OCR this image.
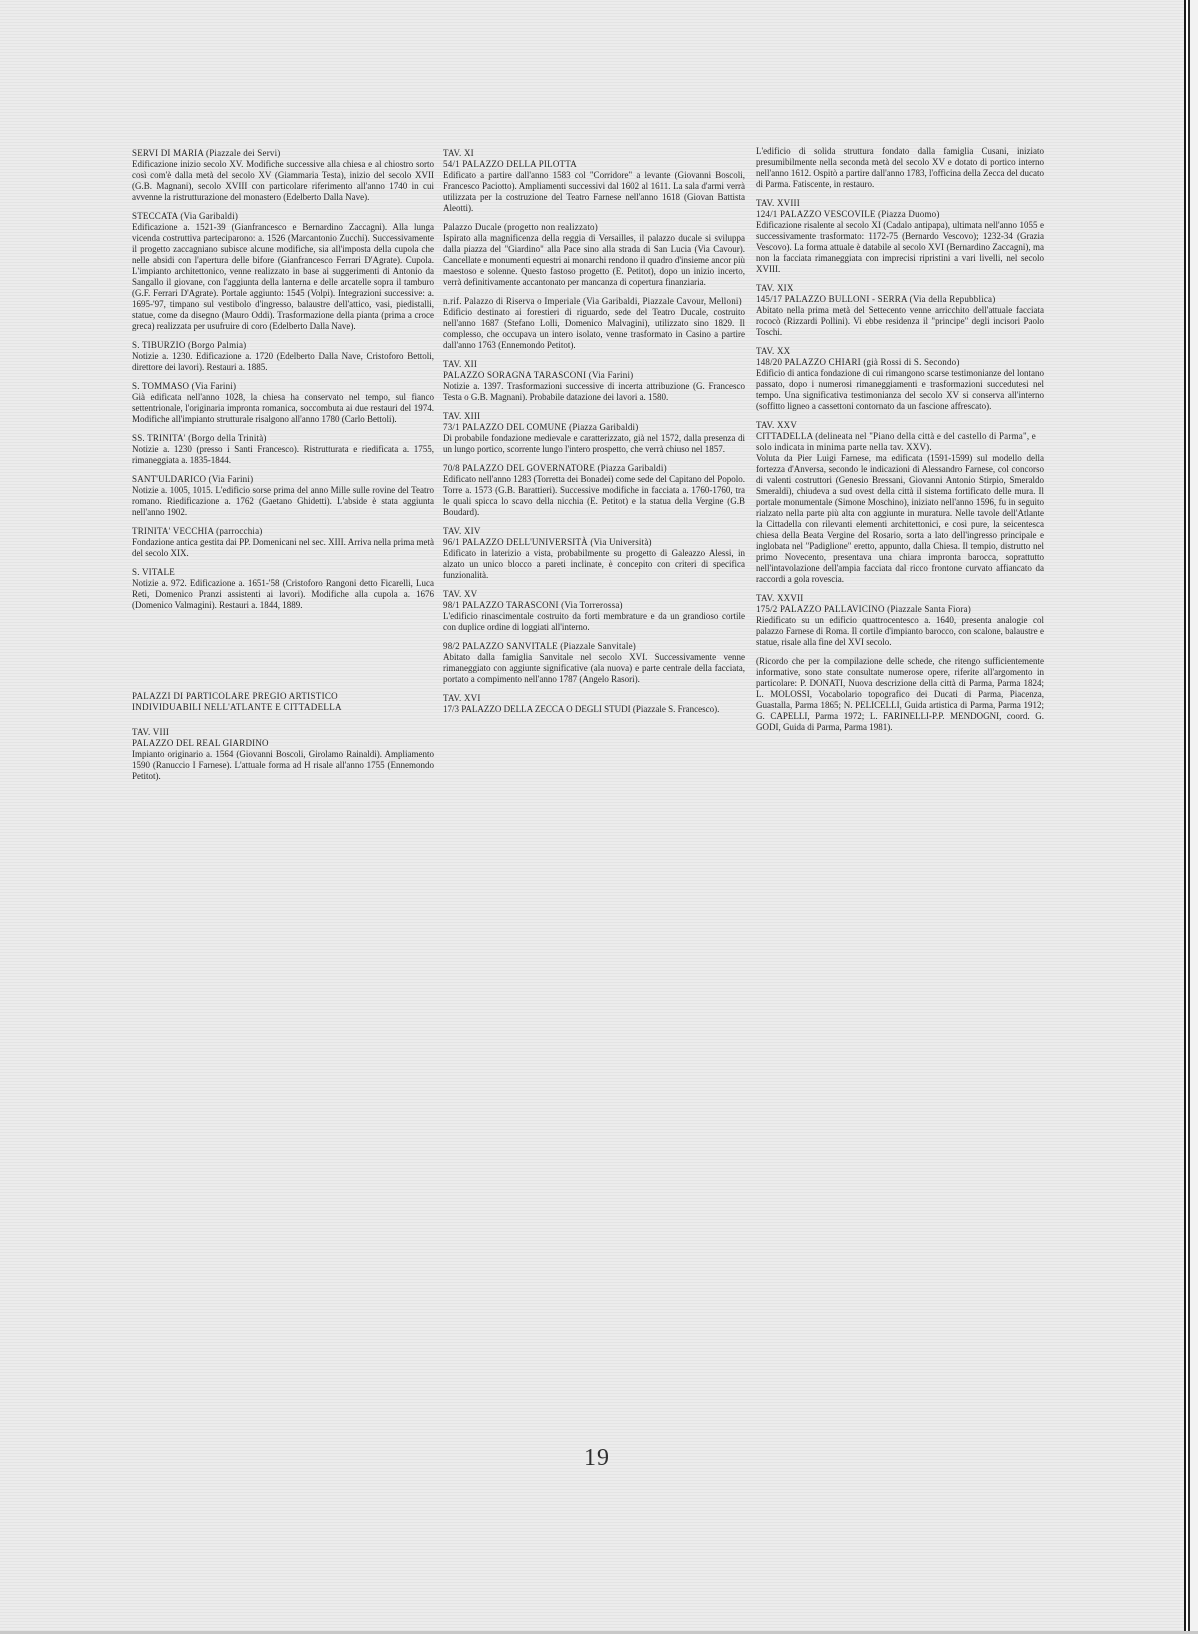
SERVI DI MARIA (Piazzale dei Servi)
Edificazione inizio secolo XV. Modifiche successive alla chiesa e al chiostro sorto così com'è dalla metà del secolo XV (Giammaria Testa), inizio del secolo XVII (G.B. Magnani), secolo XVIII con particolare riferimento all'anno 1740 in cui avvenne la ristrutturazione del monastero (Edelberto Dalla Nave).
STECCATA (Via Garibaldi)
Edificazione a. 1521-39 (Gianfrancesco e Bernardino Zaccagni). Alla lunga vicenda costruttiva parteciparono: a. 1526 (Marcantonio Zucchi). Successivamente il progetto zaccagniano subisce alcune modifiche, sia all'imposta della cupola che nelle absidi con l'apertura delle bifore (Gianfrancesco Ferrari D'Agrate). Cupola. L'impianto architettonico, venne realizzato in base ai suggerimenti di Antonio da Sangallo il giovane, con l'aggiunta della lanterna e delle arcatelle sopra il tamburo (G.F. Ferrari D'Agrate). Portale aggiunto: 1545 (Volpi). Integrazioni successive: a. 1695-'97, timpano sul vestibolo d'ingresso, balaustre dell'attico, vasi, piedistalli, statue, come da disegno (Mauro Oddi). Trasformazione della pianta (prima a croce greca) realizzata per usufruire di coro (Edelberto Dalla Nave).
S. TIBURZIO (Borgo Palmia)
Notizie a. 1230. Edificazione a. 1720 (Edelberto Dalla Nave, Cristoforo Bettoli, direttore dei lavori). Restauri a. 1885.
S. TOMMASO (Via Farini)
Già edificata nell'anno 1028, la chiesa ha conservato nel tempo, sul fianco settentrionale, l'originaria impronta romanica, soccombuta ai due restauri del 1974. Modifiche all'impianto strutturale risalgono all'anno 1780 (Carlo Bettoli).
SS. TRINITA' (Borgo della Trinità)
Notizie a. 1230 (presso i Santi Francesco). Ristrutturata e riedificata a. 1755, rimaneggiata a. 1835-1844.
SANT'ULDARICO (Via Farini)
Notizie a. 1005, 1015. L'edificio sorse prima del anno Mille sulle rovine del Teatro romano. Riedificazione a. 1762 (Gaetano Ghidetti). L'abside è stata aggiunta nell'anno 1902.
TRINITA' VECCHIA (parrocchia)
Fondazione antica gestita dai PP. Domenicani nel sec. XIII. Arriva nella prima metà del secolo XIX.
S. VITALE
Notizie a. 972. Edificazione a. 1651-'58 (Cristoforo Rangoni detto Ficarelli, Luca Reti, Domenico Pranzi assistenti ai lavori). Modifiche alla cupola a. 1676 (Domenico Valmagini). Restauri a. 1844, 1889.
PALAZZI DI PARTICOLARE PREGIO ARTISTICO
INDIVIDUABILI NELL'ATLANTE E CITTADELLA
TAV. VIII
PALAZZO DEL REAL GIARDINO
Impianto originario a. 1564 (Giovanni Boscoli, Girolamo Rainaldi). Ampliamento 1590 (Ranuccio I Farnese). L'attuale forma ad H risale all'anno 1755 (Ennemondo Petitot).
TAV. XI
54/1 PALAZZO DELLA PILOTTA
Edificato a partire dall'anno 1583 col "Corridore" a levante (Giovanni Boscoli, Francesco Paciotto). Ampliamenti successivi dal 1602 al 1611. La sala d'armi verrà utilizzata per la costruzione del Teatro Farnese nell'anno 1618 (Giovan Battista Aleotti).
Palazzo Ducale (progetto non realizzato)
Ispirato alla magnificenza della reggia di Versailles, il palazzo ducale si sviluppa dalla piazza del "Giardino" alla Pace sino alla strada di San Lucia (Via Cavour). Cancellate e monumenti equestri ai monarchi rendono il quadro d'insieme ancor più maestoso e solenne. Questo fastoso progetto (E. Petitot), dopo un inizio incerto, verrà definitivamente accantonato per mancanza di copertura finanziaria.
n.rif. Palazzo di Riserva o Imperiale (Via Garibaldi, Piazzale Cavour, Melloni)
Edificio destinato ai forestieri di riguardo, sede del Teatro Ducale, costruito nell'anno 1687 (Stefano Lolli, Domenico Malvagini), utilizzato sino 1829. Il complesso, che occupava un intero isolato, venne trasformato in Casino a partire dall'anno 1763 (Ennemondo Petitot).
TAV. XII
PALAZZO SORAGNA TARASCONI (Via Farini)
Notizie a. 1397. Trasformazioni successive di incerta attribuzione (G. Francesco Testa o G.B. Magnani). Probabile datazione dei lavori a. 1580.
TAV. XIII
73/1 PALAZZO DEL COMUNE (Piazza Garibaldi)
Di probabile fondazione medievale e caratterizzato, già nel 1572, dalla presenza di un lungo portico, scorrente lungo l'intero prospetto, che verrà chiuso nel 1857.
70/8 PALAZZO DEL GOVERNATORE (Piazza Garibaldi)
Edificato nell'anno 1283 (Torretta dei Bonadei) come sede del Capitano del Popolo. Torre a. 1573 (G.B. Barattieri). Successive modifiche in facciata a. 1760-1760, tra le quali spicca lo scavo della nicchia (E. Petitot) e la statua della Vergine (G.B Boudard).
TAV. XIV
96/1 PALAZZO DELL'UNIVERSITÀ (Via Università)
Edificato in laterizio a vista, probabilmente su progetto di Galeazzo Alessi, in alzato un unico blocco a pareti inclinate, è concepito con criteri di specifica funzionalità.
TAV. XV
98/1 PALAZZO TARASCONI (Via Torrerossa)
L'edificio rinascimentale costruito da forti membrature e da un grandioso cortile con duplice ordine di loggiati all'interno.
98/2 PALAZZO SANVITALE (Piazzale Sanvitale)
Abitato dalla famiglia Sanvitale nel secolo XVI. Successivamente venne rimaneggiato con aggiunte significative (ala nuova) e parte centrale della facciata, portato a compimento nell'anno 1787 (Angelo Rasori).
TAV. XVI
17/3 PALAZZO DELLA ZECCA O DEGLI STUDI (Piazzale S. Francesco).
L'edificio di solida struttura fondato dalla famiglia Cusani, iniziato presumibilmente nella seconda metà del secolo XV e dotato di portico interno nell'anno 1612. Ospitò a partire dall'anno 1783, l'officina della Zecca del ducato di Parma. Fatiscente, in restauro.
TAV. XVIII
124/1 PALAZZO VESCOVILE (Piazza Duomo)
Edificazione risalente al secolo XI (Cadalo antipapa), ultimata nell'anno 1055 e successivamente trasformato: 1172-75 (Bernardo Vescovo); 1232-34 (Grazia Vescovo). La forma attuale è databile al secolo XVI (Bernardino Zaccagni), ma non la facciata rimaneggiata con imprecisi ripristini a vari livelli, nel secolo XVIII.
TAV. XIX
145/17 PALAZZO BULLONI - SERRA (Via della Repubblica)
Abitato nella prima metà del Settecento venne arricchito dell'attuale facciata rococò (Rizzardi Pollini). Vi ebbe residenza il "principe" degli incisori Paolo Toschi.
TAV. XX
148/20 PALAZZO CHIARI (già Rossi di S. Secondo)
Edificio di antica fondazione di cui rimangono scarse testimonianze del lontano passato, dopo i numerosi rimaneggiamenti e trasformazioni succedutesi nel tempo. Una significativa testimonianza del secolo XV si conserva all'interno (soffitto ligneo a cassettoni contornato da un fascione affrescato).
TAV. XXV
CITTADELLA (delineata nel "Piano della città e del castello di Parma", e solo indicata in minima parte nella tav. XXV).
Voluta da Pier Luigi Farnese, ma edificata (1591-1599) sul modello della fortezza d'Anversa, secondo le indicazioni di Alessandro Farnese, col concorso di valenti costruttori (Genesio Bressani, Giovanni Antonio Stirpio, Smeraldo Smeraldi), chiudeva a sud ovest della città il sistema fortificato delle mura. Il portale monumentale (Simone Moschino), iniziato nell'anno 1596, fu in seguito rialzato nella parte più alta con aggiunte in muratura. Nelle tavole dell'Atlante la Cittadella con rilevanti elementi architettonici, e così pure, la seicentesca chiesa della Beata Vergine del Rosario, sorta a lato dell'ingresso principale e inglobata nel "Padiglione" eretto, appunto, dalla Chiesa. Il tempio, distrutto nel primo Novecento, presentava una chiara impronta barocca, soprattutto nell'intavolazione dell'ampia facciata dal ricco frontone curvato affiancato da raccordi a gola rovescia.
TAV. XXVII
175/2 PALAZZO PALLAVICINO (Piazzale Santa Fiora)
Riedificato su un edificio quattrocentesco a. 1640, presenta analogie col palazzo Farnese di Roma. Il cortile d'impianto barocco, con scalone, balaustre e statue, risale alla fine del XVI secolo.
(Ricordo che per la compilazione delle schede, che ritengo sufficientemente informative, sono state consultate numerose opere, riferite all'argomento in particolare: P. DONATI, Nuova descrizione della città di Parma, Parma 1824; L. MOLOSSI, Vocabolario topografico dei Ducati di Parma, Piacenza, Guastalla, Parma 1865; N. PELICELLI, Guida artistica di Parma, Parma 1912; G. CAPELLI, Parma 1972; L. FARINELLI-P.P. MENDOGNI, coord. G. GODI, Guida di Parma, Parma 1981).
19
